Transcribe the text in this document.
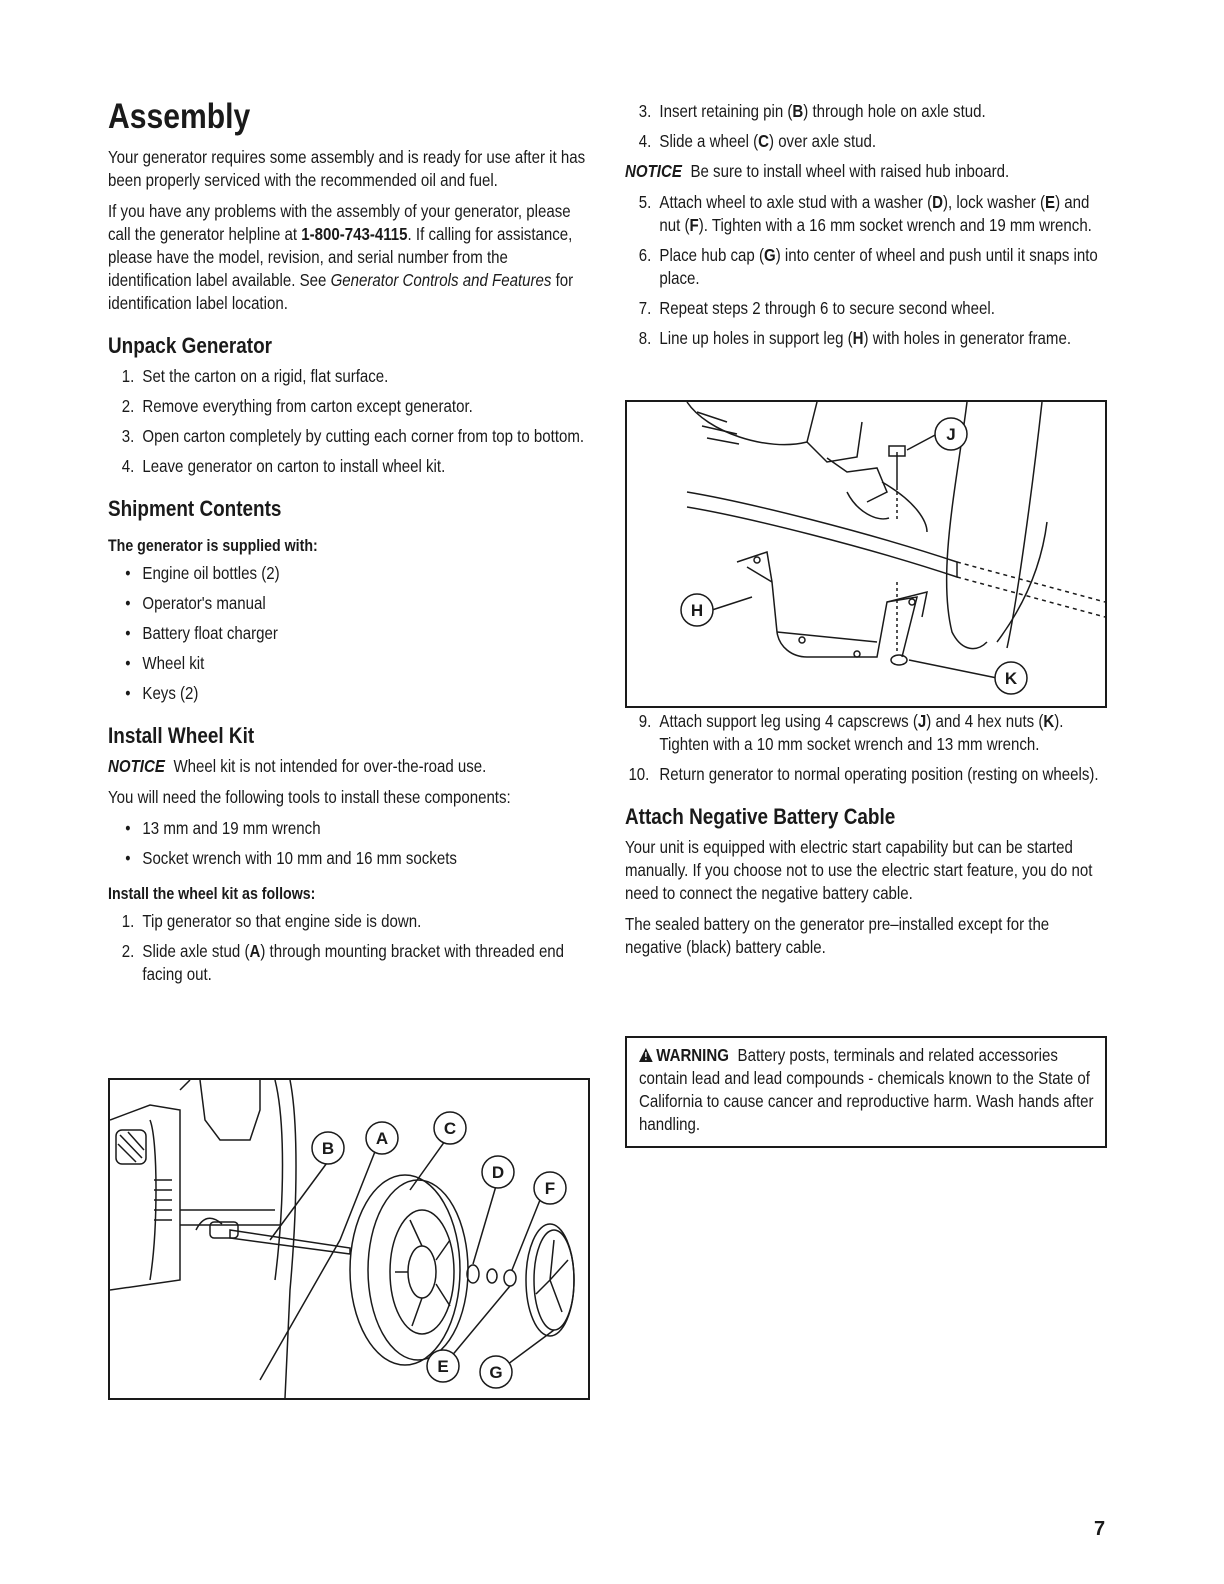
Assembly

Your generator requires some assembly and is ready for use after it has been properly serviced with the recommended oil and fuel.

If you have any problems with the assembly of your generator, please call the generator helpline at 1-800-743-4115. If calling for assistance, please have the model, revision, and serial number from the identification label available. See Generator Controls and Features for identification label location.

Unpack Generator
1. Set the carton on a rigid, flat surface.
2. Remove everything from carton except generator.
3. Open carton completely by cutting each corner from top to bottom.
4. Leave generator on carton to install wheel kit.
Shipment Contents
The generator is supplied with:
• Engine oil bottles (2)
• Operator's manual
• Battery float charger
• Wheel kit
• Keys (2)
Install Wheel Kit

NOTICE Wheel kit is not intended for over-the-road use.

You will need the following tools to install these components:

• 13 mm and 19 mm wrench
• Socket wrench with 10 mm and 16 mm sockets
Install the wheel kit as follows:
1. Tip generator so that engine side is down.
2. Slide axle stud (A) through mounting bracket with threaded end facing out.
B
A
C
D
F
E G
3. Insert retaining pin (B) through hole on axle stud.
4. Slide a wheel (C) over axle stud.

NOTICE Be sure to install wheel with raised hub inboard.

5. Attach wheel to axle stud with a washer (D), lock washer (E) and nut (F). Tighten with a 16 mm socket wrench and 19 mm wrench.
6. Place hub cap (G) into center of wheel and push until it snaps into place.
7. Repeat steps 2 through 6 to secure second wheel.
8. Line up holes in support leg (H) with holes in generator frame.
H
J
K
9. Attach support leg using 4 capscrews (J) and 4 hex nuts (K). Tighten with a 10 mm socket wrench and 13 mm wrench.
10. Return generator to normal operating position (resting on wheels).
Attach Negative Battery Cable

Your unit is equipped with electric start capability but can be started manually. If you choose not to use the electric start feature, you do not need to connect the negative battery cable.

The sealed battery on the generator pre–installed except for the negative (black) battery cable.

WARNING Battery posts, terminals and related accessories contain lead and lead compounds - chemicals known to the State of California to cause cancer and reproductive harm. Wash hands after handling.

7
